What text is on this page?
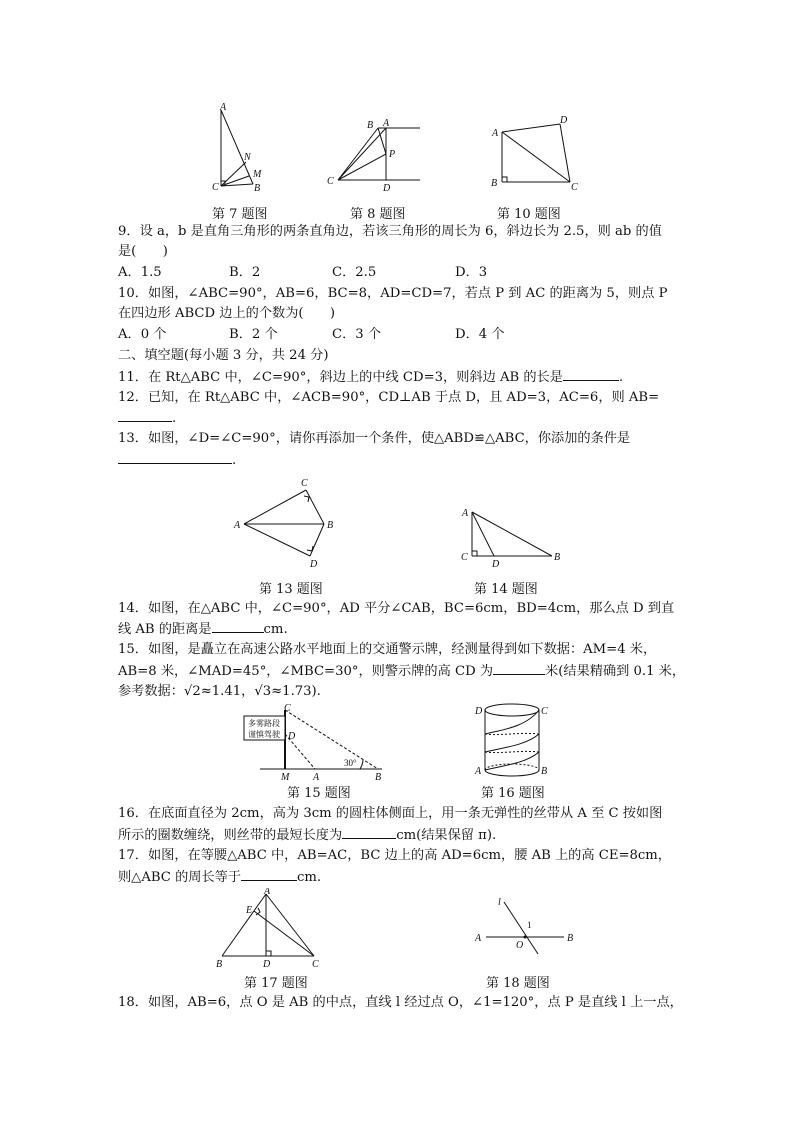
A
N
M
C	B
第 7 题图
B A
P
C
D
第 8 题图
A
D
B	C
第 10 题图
9．设 a，b 是直角三角形的两条直角边，若该三角形的周长为 6，斜边长为 2.5，则 ab 的值
是(　　)
A．1.5	B．2	C．2.5	D．3
10．如图，∠ABC=90°，AB=6，BC=8，AD=CD=7，若点 P 到 AC 的距离为 5，则点 P
在四边形 ABCD 边上的个数为(　　)
A．0 个	B．2 个	C．3 个	D．4 个
二、填空题(每小题 3 分，共 24 分)
11．在 Rt△ABC 中，∠C=90°，斜边上的中线 CD=3，则斜边 AB 的长是	.
12．已知，在 Rt△ABC 中，∠ACB=90°，CD⊥AB 于点 D，且 AD=3，AC=6，则 AB=
.
13．如图，∠D=∠C=90°，请你再添加一个条件，使△ABD≌△ABC，你添加的条件是
.
C
A	B
D
第 13 题图
A
C
D
B
第 14 题图
14．如图，在△ABC 中，∠C=90°，AD 平分∠CAB，BC=6cm，BD=4cm，那么点 D 到直
线 AB 的距离是	cm.
15．如图，是矗立在高速公路水平地面上的交通警示牌，经测量得到如下数据：AM=4 米，
AB=8 米，∠MAD=45°，∠MBC=30°，则警示牌的高 CD 为	米(结果精确到 0.1 米，
参考数据：√2≈1.41，√3≈1.73).
多雾路段
谨慎驾驶
C
D
30°
M A	B
第 15 题图
D	C
A	B
第 16 题图
16．在底面直径为 2cm，高为 3cm 的圆柱体侧面上，用一条无弹性的丝带从 A 至 C 按如图
所示的圈数缠绕，则丝带的最短长度为	cm(结果保留 π).
17．如图，在等腰△ABC 中，AB=AC，BC 边上的高 AD=6cm，腰 AB 上的高 CE=8cm，
则△ABC 的周长等于	cm.
A
E
B	D	C
第 17 题图
l
1
A
O
B
第 18 题图
18．如图，AB=6，点 O 是 AB 的中点，直线 l 经过点 O，∠1=120°，点 P 是直线 l 上一点，
